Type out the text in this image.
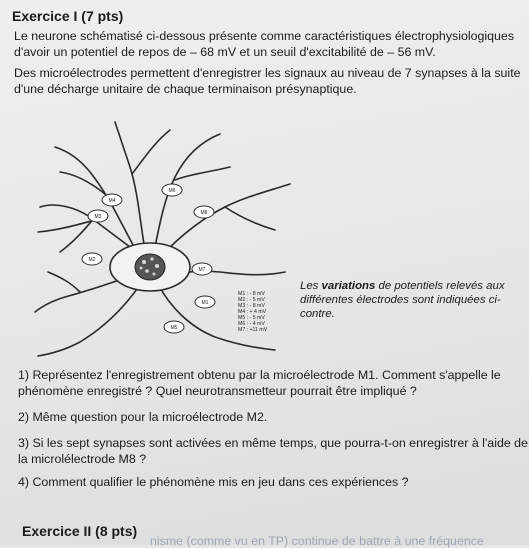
Exercice I (7 pts)

Le neurone schématisé ci-dessous présente comme caractéristiques électrophysiologiques

d'avoir un potentiel de repos de – 68 mV et un seuil d'excitabilité de – 56 mV.

Des microélectrodes permettent d'enregistrer les signaux au niveau de 7 synapses à la suite

d'une décharge unitaire de chaque terminaison présynaptique.

M1
M2
M3
M4
M5
M6
M7
M8
M1 : - 8 mV
M2 : - 5 mV
M3 : - 8 mV
M4 : + 4 mV
M5 : - 5 mV
M6 : - 4 mV
M7 : +11 mV
Les variations de potentiels relevés aux
différentes électrodes sont indiquées ci-
contre.

1) Représentez l'enregistrement obtenu par la microélectrode M1. Comment s'appelle le

phénomène enregistré ? Quel neurotransmetteur pourrait être impliqué ?

2) Même question pour la microélectrode M2.

3) Si les sept synapses sont activées en même temps, que pourra-t-on enregistrer à l'aide de

la microlélectrode M8 ?

4) Comment qualifier le phénomène mis en jeu dans ces expériences ?

Exercice II (8 pts)

nisme (comme vu en TP) continue de battre à une fréquence
